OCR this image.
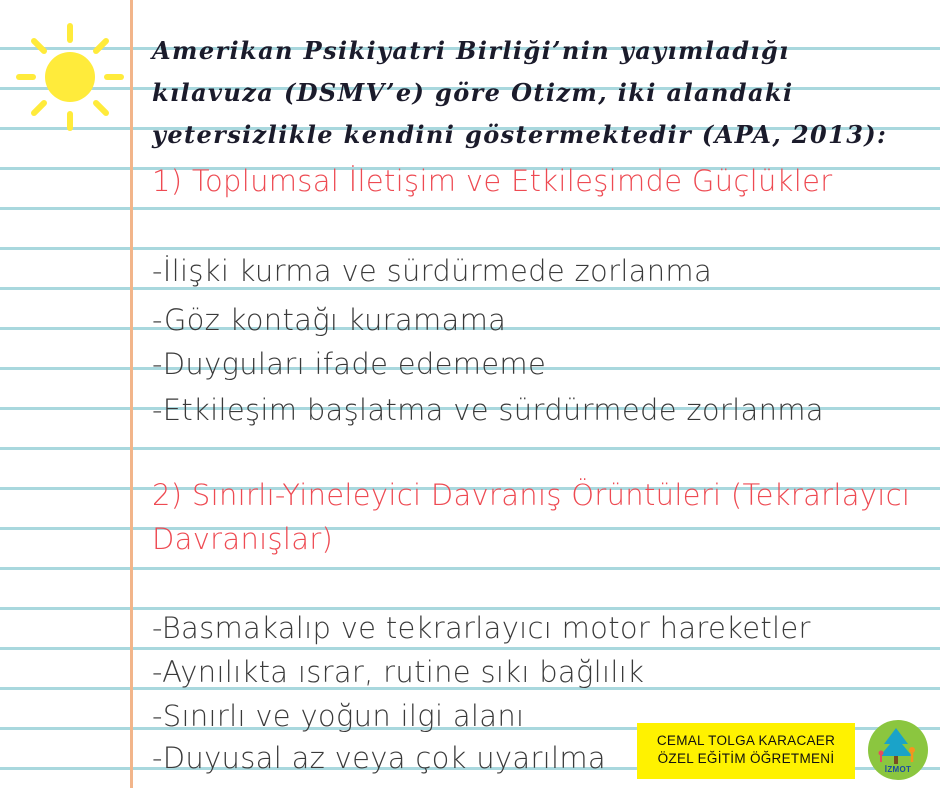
Amerikan Psikiyatri Birliği’nin yayımladığı
kılavuza (DSMV’e) göre Otizm, iki alandaki
yetersizlikle kendini göstermektedir (APA, 2013):

1) Toplumsal İletişim ve Etkileşimde Güçlükler

-İlişki kurma ve sürdürmede zorlanma

-Göz kontağı kuramama

-Duyguları ifade edememe

-Etkileşim başlatma ve sürdürmede zorlanma

2) Sınırlı-Yineleyici Davranış Örüntüleri (Tekrarlayıcı

Davranışlar)

-Basmakalıp ve tekrarlayıcı motor hareketler

-Aynılıkta ısrar, rutine sıkı bağlılık

-Sınırlı ve yoğun ilgi alanı

-Duyusal az veya çok uyarılma

CEMAL TOLGA KARACAER
ÖZEL EĞİTİM ÖĞRETMENİ
İZMOT
